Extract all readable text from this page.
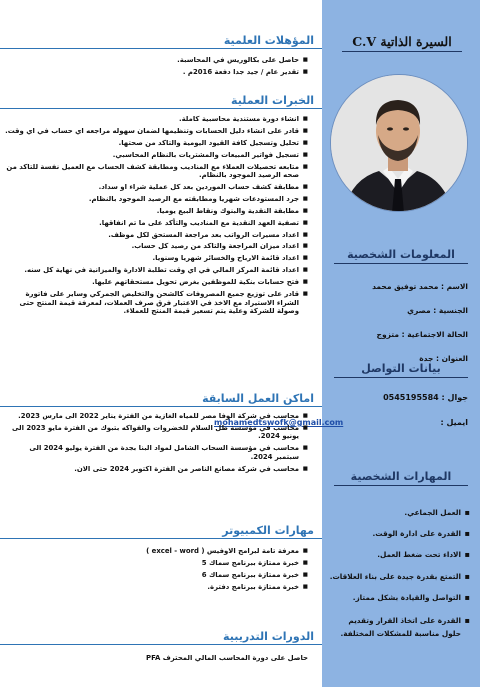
السيرة الذاتية C.V
المعلومات الشخصية
الاسم : محمد توفيق محمد
الجنسية : مصري
الحالة الاجتماعية : متزوج
العنوان : جدة
بيانات التواصل
جوال : 0545195584
ايميل :
mohamedtswofk@gmail.com
المهارات الشخصية
▪ العمل الجماعي.
▪ القدرة على ادارة الوقت.
▪ الاداء تحت ضغط العمل.
▪ التمتع بقدرة جيدة على بناء العلاقات.
▪ التواصل والقيادة بشكل ممتاز.
▪ القدرة على اتخاذ القرار وتقديم حلول مناسبة للمشكلات المختلفة.
المؤهلات العلمية
■ حاصل على بكالوريس في المحاسبة.
■ تقدير عام / جيد جدا دفعة 2016م .
الخبرات العملية
■ انشاء دورة مستندية محاسبية كاملة.
■ قادر على انشاء دليل الحسابات وتنظيمها لضمان سهوله مراجعه اي حساب في اي وقت.
■ تحليل وتسجيل كافة القيود اليومية والتاكد من صحتها.
■ تسجيل فواتير المبيعات والمشتريات بالنظام المحاسبي.
■ متابعه تحصيلات العملاء مع المناديب ومطابقة كشف الحساب مع العميل نفسة للتاكد من صحه الرصيد الموجود بالنظام.
■ مطابقة كشف حساب الموردين بعد كل عملية شراء او سداد.
■ جرد المستودعات شهريا ومطابقته مع الرصيد الموجود بالنظام.
■ مطابقة النقدية والبنوك ونقاط البيع يوميا.
■ تصفية العهد النقدية مع المناديب والتأكد على ما تم انفاقها.
■ اعداد مسيرات الرواتب بعد مراجعة المستحق لكل موظف.
■ اعداد ميزان المراجعة والتاكد من رصيد كل حساب.
■ اعداد قائمة الارباح والخسائر شهريا وسنويا.
■ اعداد قائمة المركز المالي في اي وقت تطلبة الادارة والميزانية في نهاية كل سنه.
■ فتح حسابات بنكية للموظفين بغرض تحويل مستحقاتهم عليها.
■ قادر على توزيع جميع المصروفات كالشحن والتخليص الجمركي وساير على فاتورة الشراء الاستيراد مع الاخذ في الاعتبار فرق صرف العملات، لمعرفة قيمة المنتج حتى وصولة للشركة وعلية يتم تسعير قيمة المنتج للعملاء.
اماكن العمل السابقة
■ محاسب في شركة الوفا مصر للمياه الغازية من الفترة يناير 2022 الى مارس 2023.
■ محاسب في مؤسسة ظل السلام للخضروات والفواكه بتبوك من الفترة مايو 2023 الى يونيو 2024.
■ محاسب في مؤسسة السحاب الشامل لمواد البنا بجدة من الفترة يوليو 2024 الى سبتمبر 2024.
■ محاسب في شركة مصانع الناصر من الفترة اكتوبر 2024 حتى الان.
مهارات الكمبيوتر
■ معرفة تامة لبرامج الاوفيس ( excel - word )
■ خبرة ممتازة ببرنامج سماك 5
■ خبرة ممتازة ببرنامج سماك 6
■ خبرة ممتازة ببرنامج دفترة.
الدورات التدريبية
حاصل على دورة المحاسب المالي المحترف PFA
